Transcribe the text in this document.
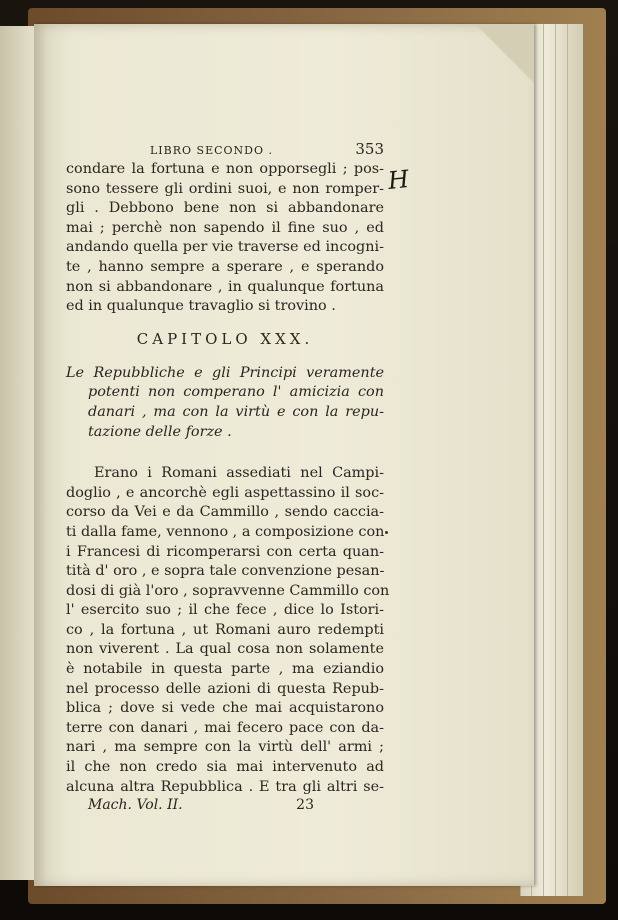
LIBRO SECONDO .	353
condare la fortuna e non opporsegli ; pos-
sono tessere gli ordini suoi, e non romper-
gli . Debbono bene non si abbandonare
mai ; perchè non sapendo il fine suo , ed
andando quella per vie traverse ed incogni-
te , hanno sempre a sperare , e sperando
non si abbandonare , in qualunque fortuna
ed in qualunque travaglio si trovino .
CAPITOLO XXX.
Le Repubbliche e gli Principi veramente
potenti non comperano l' amicizia con
danari , ma con la virtù e con la repu-
tazione delle forze .
Erano i Romani assediati nel Campi-
doglio , e ancorchè egli aspettassino il soc-
corso da Vei e da Cammillo , sendo caccia-
ti dalla fame, vennono , a composizione con
i Francesi di ricomperarsi con certa quan-
tità d' oro , e sopra tale convenzione pesan-
dosi di già l'oro , sopravvenne Cammillo con
l' esercito suo ; il che fece , dice lo Istori-
co , la fortuna , ut Romani auro redempti
non viverent . La qual cosa non solamente
è notabile in questa parte , ma eziandio
nel processo delle azioni di questa Repub-
blica ; dove si vede che mai acquistarono
terre con danari , mai fecero pace con da-
nari , ma sempre con la virtù dell' armi ;
il che non credo sia mai intervenuto ad
alcuna altra Repubblica . E tra gli altri se-
Mach. Vol. II.	23
H
